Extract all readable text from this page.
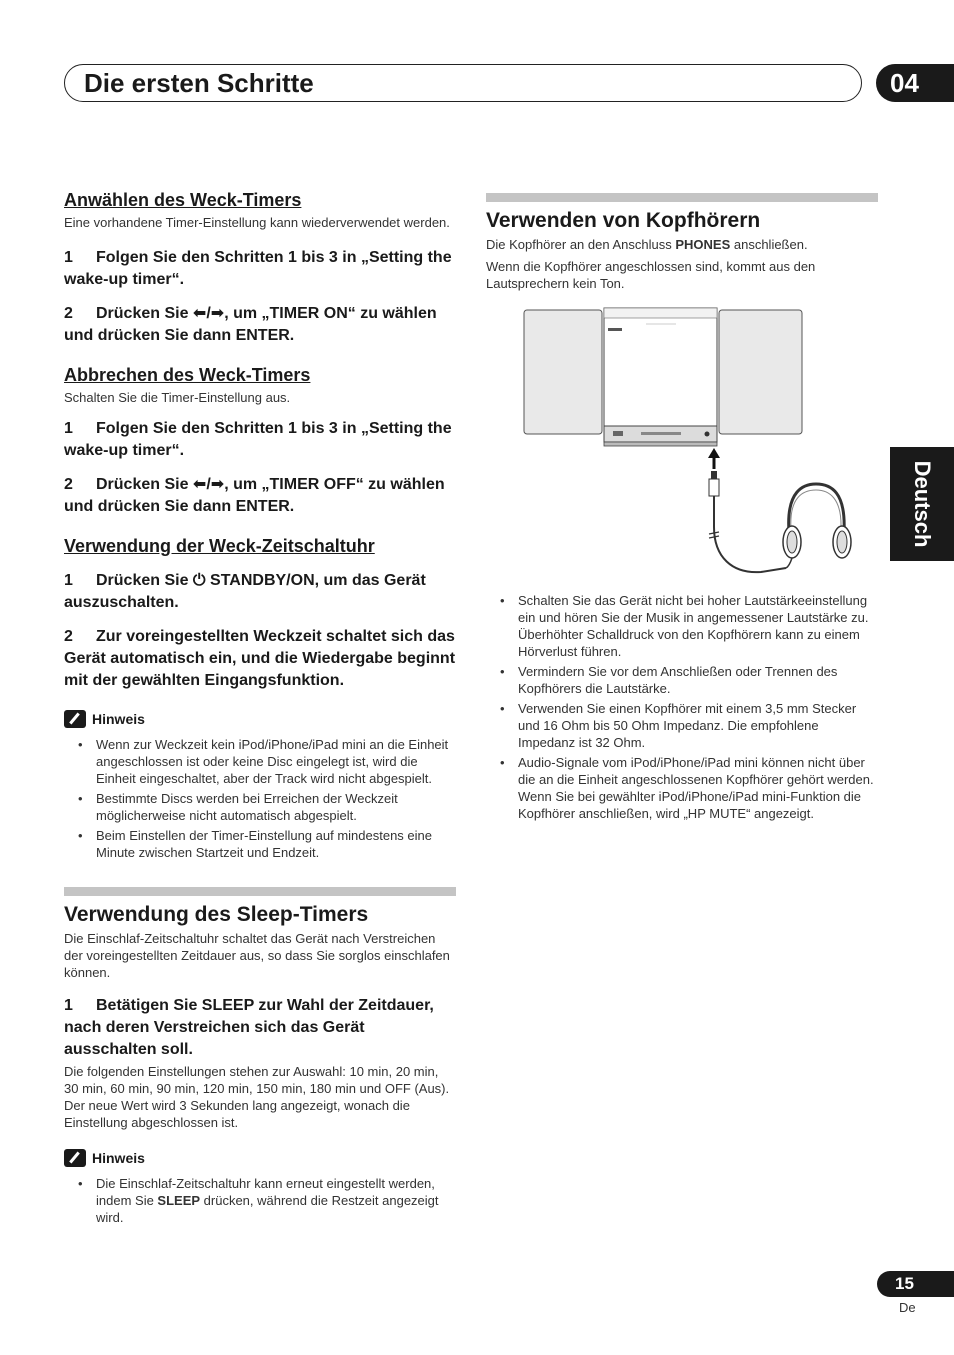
Die ersten Schritte	04
Deutsch
Anwählen des Weck-Timers

Eine vorhandene Timer-Einstellung kann wiederverwendet werden.

1 Folgen Sie den Schritten 1 bis 3 in „Setting the wake-up timer“.

2 Drücken Sie ⬅/➡, um „TIMER ON“ zu wählen und drücken Sie dann ENTER.

Abbrechen des Weck-Timers

Schalten Sie die Timer-Einstellung aus.

1 Folgen Sie den Schritten 1 bis 3 in „Setting the wake-up timer“.

2 Drücken Sie ⬅/➡, um „TIMER OFF“ zu wählen und drücken Sie dann ENTER.

Verwendung der Weck-Zeitschaltuhr

1 Drücken Sie ⏻ STANDBY/ON, um das Gerät auszuschalten.

2 Zur voreingestellten Weckzeit schaltet sich das Gerät automatisch ein, und die Wiedergabe beginnt mit der gewählten Eingangsfunktion.

Hinweis
• Wenn zur Weckzeit kein iPod/iPhone/iPad mini an die Einheit angeschlossen ist oder keine Disc eingelegt ist, wird die Einheit eingeschaltet, aber der Track wird nicht abgespielt.
• Bestimmte Discs werden bei Erreichen der Weckzeit möglicherweise nicht automatisch abgespielt.
• Beim Einstellen der Timer-Einstellung auf mindestens eine Minute zwischen Startzeit und Endzeit.
Verwendung des Sleep-Timers

Die Einschlaf-Zeitschaltuhr schaltet das Gerät nach Verstreichen der voreingestellten Zeitdauer aus, so dass Sie sorglos einschlafen können.

1 Betätigen Sie SLEEP zur Wahl der Zeitdauer, nach deren Verstreichen sich das Gerät ausschalten soll.

Die folgenden Einstellungen stehen zur Auswahl: 10 min, 20 min, 30 min, 60 min, 90 min, 120 min, 150 min, 180 min und OFF (Aus). Der neue Wert wird 3 Sekunden lang angezeigt, wonach die Einstellung abgeschlossen ist.

Hinweis
• Die Einschlaf-Zeitschaltuhr kann erneut eingestellt werden, indem Sie SLEEP drücken, während die Restzeit angezeigt wird.
Verwenden von Kopfhörern

Die Kopfhörer an den Anschluss PHONES anschließen.

Wenn die Kopfhörer angeschlossen sind, kommt aus den Lautsprechern kein Ton.

• Schalten Sie das Gerät nicht bei hoher Lautstärkeeinstellung ein und hören Sie der Musik in angemessener Lautstärke zu. Überhöhter Schalldruck von den Kopfhörern kann zu einem Hörverlust führen.
• Vermindern Sie vor dem Anschließen oder Trennen des Kopfhörers die Lautstärke.
• Verwenden Sie einen Kopfhörer mit einem 3,5 mm Stecker und 16 Ohm bis 50 Ohm Impedanz. Die empfohlene Impedanz ist 32 Ohm.
• Audio-Signale vom iPod/iPhone/iPad mini können nicht über die an die Einheit angeschlossenen Kopfhörer gehört werden. Wenn Sie bei gewählter iPod/iPhone/iPad mini-Funktion die Kopfhörer anschließen, wird „HP MUTE“ angezeigt.
15
De
